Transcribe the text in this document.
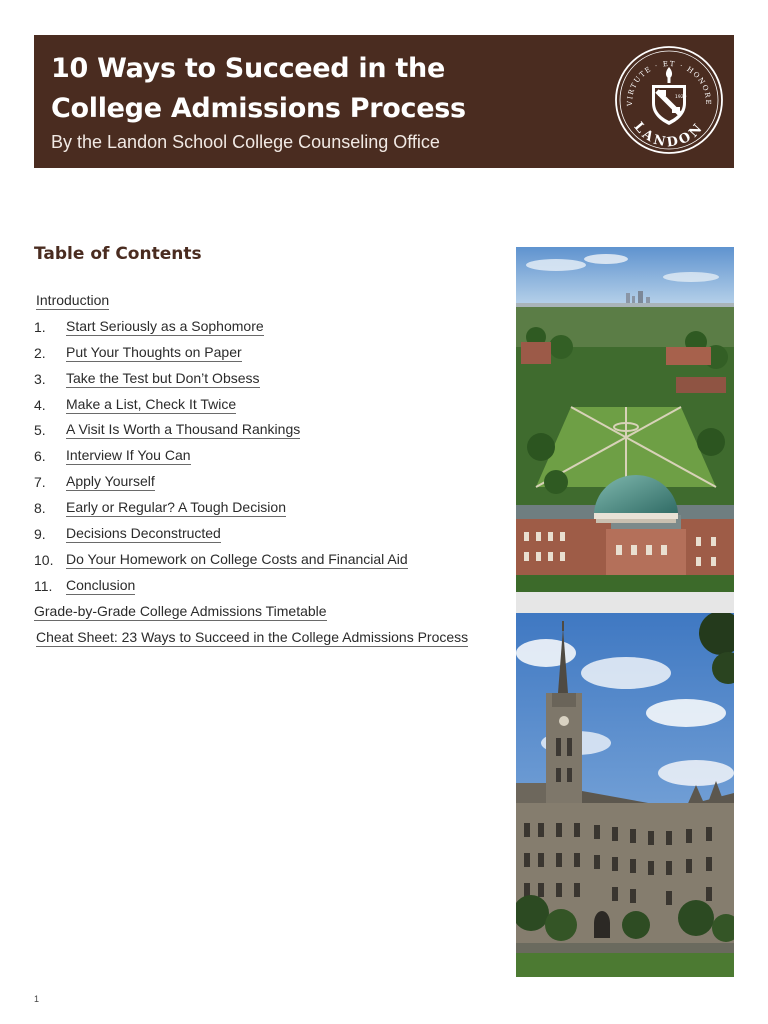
10 Ways to Succeed in the
College Admissions Process
By the Landon School College Counseling Office
VIRTUTE · ET · HONORE
LANDON
1929
Table of Contents
Introduction
1.	Start Seriously as a Sophomore
2.	Put Your Thoughts on Paper
3.	Take the Test but Don’t Obsess
4.	Make a List, Check It Twice
5.	A Visit Is Worth a Thousand Rankings
6.	Interview If You Can
7.	Apply Yourself
8.	Early or Regular? A Tough Decision
9.	Decisions Deconstructed
10. Do Your Homework on College Costs and Financial Aid
11. Conclusion
Grade-by-Grade College Admissions Timetable
Cheat Sheet: 23 Ways to Succeed in the College Admissions Process
1
